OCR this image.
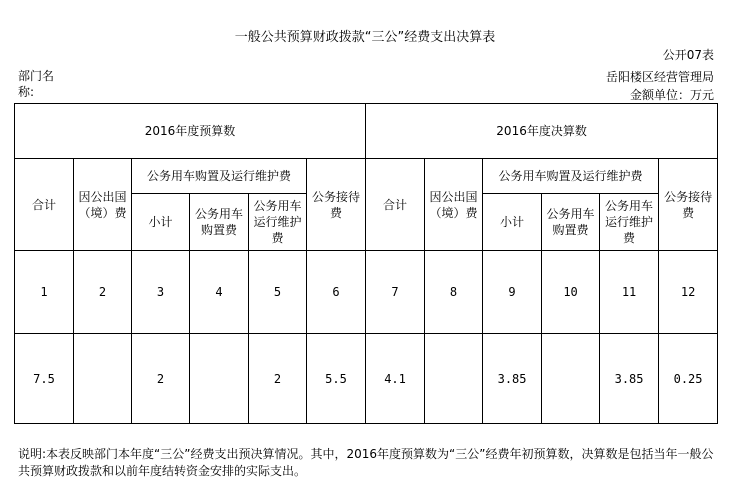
一般公共预算财政拨款“三公”经费支出决算表
公开07表
部门名称:
岳阳楼区经营管理局
金额单位：万元
2016年度预算数						2016年度决算数					
合计	因公出国（境）费	公务用车购置及运行维护费			公务接待费	合计	因公出国（境）费	公务用车购置及运行维护费			公务接待费
		小计	公务用车购置费	公务用车运行维护费				小计	公务用车购置费	公务用车运行维护费	
1	2	3	4	5	6	7	8	9	10	11	12
7.5		2		2	5.5	4.1		3.85		3.85	0.25
说明:本表反映部门本年度“三公”经费支出预决算情况。其中，2016年度预算数为“三公”经费年初预算数，决算数是包括当年一般公共预算财政拨款和以前年度结转资金安排的实际支出。
